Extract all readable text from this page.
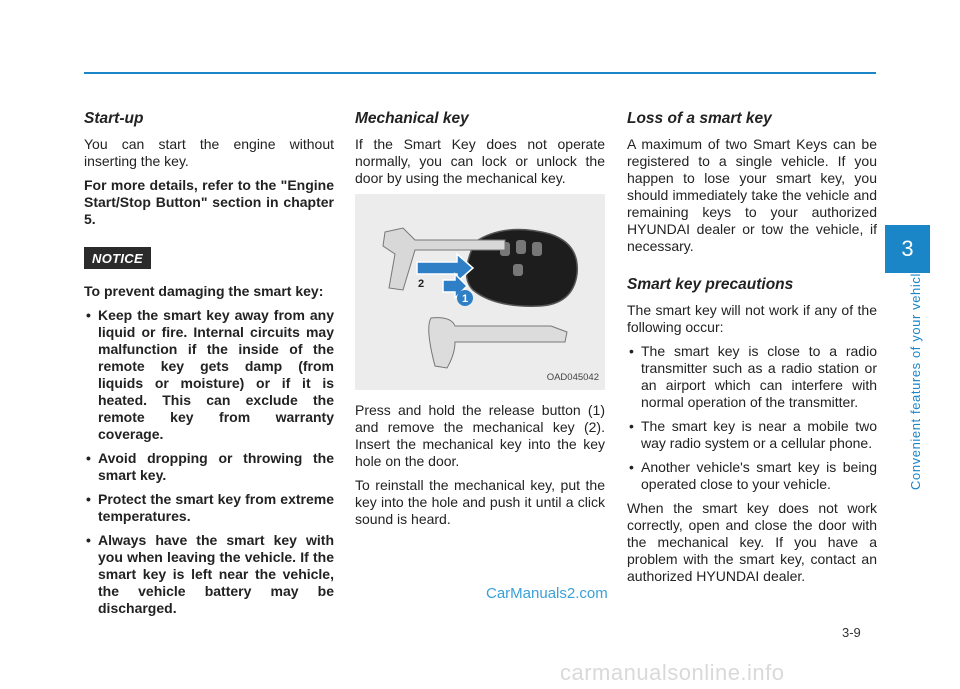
Start-up

You can start the engine without inserting the key.

For more details, refer to the "Engine Start/Stop Button" section in chapter 5.

NOTICE

To prevent damaging the smart key:

• Keep the smart key away from any liquid or fire. Internal circuits may malfunction if the inside of the remote key gets damp (from liquids or moisture) or if it is heated. This can exclude the remote key from warranty coverage.
• Avoid dropping or throwing the smart key.
• Protect the smart key from extreme temperatures.
• Always have the smart key with you when leaving the vehicle. If the smart key is left near the vehicle, the vehicle battery may be discharged.
Mechanical key

If the Smart Key does not operate normally, you can lock or unlock the door by using the mechanical key.

1
2
OAD045042

Press and hold the release button (1) and remove the mechanical key (2). Insert the mechanical key into the key hole on the door.

To reinstall the mechanical key, put the key into the hole and push it until a click sound is heard.

Loss of a smart key

A maximum of two Smart Keys can be registered to a single vehicle. If you happen to lose your smart key, you should immediately take the vehicle and remaining keys to your authorized HYUNDAI dealer or tow the vehicle, if necessary.

Smart key precautions

The smart key will not work if any of the following occur:

• The smart key is close to a radio transmitter such as a radio station or an airport which can interfere with normal operation of the transmitter.
• The smart key is near a mobile two way radio system or a cellular phone.
• Another vehicle's smart key is being operated close to your vehicle.

When the smart key does not work correctly, open and close the door with the mechanical key. If you have a problem with the smart key, contact an authorized HYUNDAI dealer.

3
Convenient features of your vehicle
3-9
CarManuals2.com
carmanualsonline.info
